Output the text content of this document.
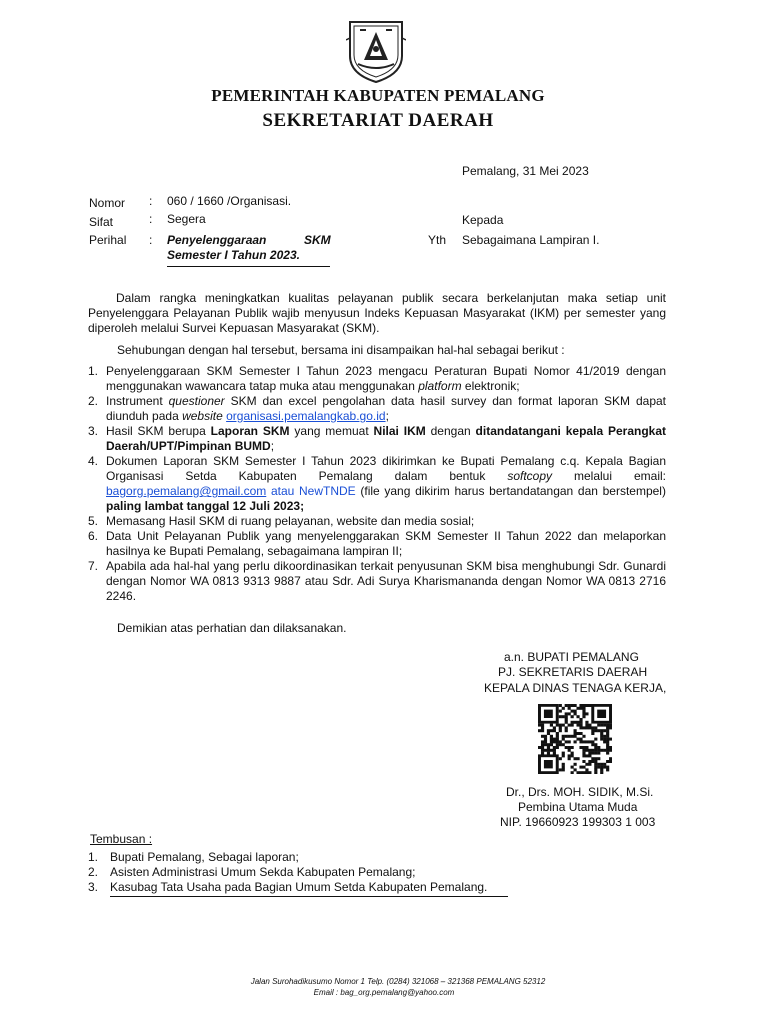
PEMERINTAH KABUPATEN PEMALANG
SEKRETARIAT DAERAH
Pemalang, 31 Mei 2023
Nomor : 060 / 1660 /Organisasi.
Sifat	: Segera
Perihal : Penyelenggaraan	SKM
Semester I Tahun 2023.
Kepada
Yth Sebagaimana Lampiran I.
Dalam rangka meningkatkan kualitas pelayanan publik secara berkelanjutan maka setiap unit Penyelenggara Pelayanan Publik wajib menyusun Indeks Kepuasan Masyarakat (IKM) per semester yang diperoleh melalui Survei Kepuasan Masyarakat (SKM).
Sehubungan dengan hal tersebut, bersama ini disampaikan hal-hal sebagai berikut :
1. Penyelenggaraan SKM Semester I Tahun 2023 mengacu Peraturan Bupati Nomor 41/2019 dengan menggunakan wawancara tatap muka atau menggunakan platform elektronik;
2. Instrument questioner SKM dan excel pengolahan data hasil survey dan format laporan SKM dapat diunduh pada website organisasi.pemalangkab.go.id;
3. Hasil SKM berupa Laporan SKM yang memuat Nilai IKM dengan ditandatangani kepala Perangkat Daerah/UPT/Pimpinan BUMD;
4. Dokumen Laporan SKM Semester I Tahun 2023 dikirimkan ke Bupati Pemalang c.q. Kepala Bagian Organisasi Setda Kabupaten Pemalang dalam bentuk softcopy melalui email: bagorg.pemalang@gmail.com atau NewTNDE (file yang dikirim harus bertandatangan dan berstempel) paling lambat tanggal 12 Juli 2023;
5. Memasang Hasil SKM di ruang pelayanan, website dan media sosial;
6. Data Unit Pelayanan Publik yang menyelenggarakan SKM Semester II Tahun 2022 dan melaporkan hasilnya ke Bupati Pemalang, sebagaimana lampiran II;
7. Apabila ada hal-hal yang perlu dikoordinasikan terkait penyusunan SKM bisa menghubungi Sdr. Gunardi dengan Nomor WA 0813 9313 9887 atau Sdr. Adi Surya Kharismananda dengan Nomor WA 0813 2716 2246.
Demikian atas perhatian dan dilaksanakan.
a.n. BUPATI PEMALANG
PJ. SEKRETARIS DAERAH
KEPALA DINAS TENAGA KERJA,
Dr., Drs. MOH. SIDIK, M.Si.
Pembina Utama Muda
NIP. 19660923 199303 1 003
Tembusan :
1. Bupati Pemalang, Sebagai laporan;
2. Asisten Administrasi Umum Sekda Kabupaten Pemalang;
3. Kasubag Tata Usaha pada Bagian Umum Setda Kabupaten Pemalang.
Jalan Surohadikusumo Nomor 1 Telp. (0284) 321068 – 321368 PEMALANG 52312
Email : bag_org.pemalang@yahoo.com
